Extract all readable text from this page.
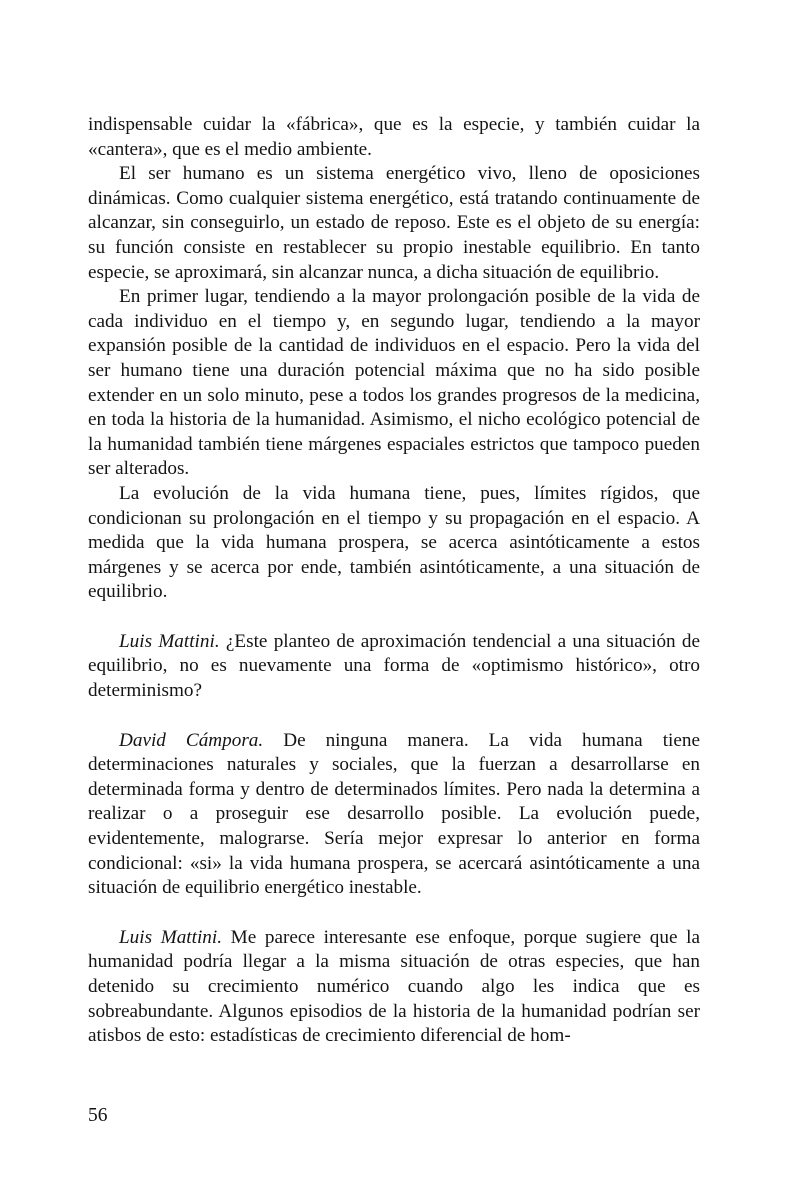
indispensable cuidar la «fábrica», que es la especie, y también cuidar la «cantera», que es el medio ambiente.

El ser humano es un sistema energético vivo, lleno de oposiciones dinámicas. Como cualquier sistema energético, está tratando continuamente de alcanzar, sin conseguirlo, un estado de reposo. Este es el objeto de su energía: su función consiste en restablecer su propio inestable equilibrio. En tanto especie, se aproximará, sin alcanzar nunca, a dicha situación de equilibrio.

En primer lugar, tendiendo a la mayor prolongación posible de la vida de cada individuo en el tiempo y, en segundo lugar, tendiendo a la mayor expansión posible de la cantidad de individuos en el espacio. Pero la vida del ser humano tiene una duración potencial máxima que no ha sido posible extender en un solo minuto, pese a todos los grandes progresos de la medicina, en toda la historia de la humanidad. Asimismo, el nicho ecológico potencial de la humanidad también tiene márgenes espaciales estrictos que tampoco pueden ser alterados.

La evolución de la vida humana tiene, pues, límites rígidos, que condicionan su prolongación en el tiempo y su propagación en el espacio. A medida que la vida humana prospera, se acerca asintóticamente a estos márgenes y se acerca por ende, también asintóticamente, a una situación de equilibrio.

Luis Mattini. ¿Este planteo de aproximación tendencial a una situación de equilibrio, no es nuevamente una forma de «optimismo histórico», otro determinismo?

David Cámpora. De ninguna manera. La vida humana tiene determinaciones naturales y sociales, que la fuerzan a desarrollarse en determinada forma y dentro de determinados límites. Pero nada la determina a realizar o a proseguir ese desarrollo posible. La evolución puede, evidentemente, malograrse. Sería mejor expresar lo anterior en forma condicional: «si» la vida humana prospera, se acercará asintóticamente a una situación de equilibrio energético inestable.

Luis Mattini. Me parece interesante ese enfoque, porque sugiere que la humanidad podría llegar a la misma situación de otras especies, que han detenido su crecimiento numérico cuando algo les indica que es sobreabundante. Algunos episodios de la historia de la humanidad podrían ser atisbos de esto: estadísticas de crecimiento diferencial de hom-

56
